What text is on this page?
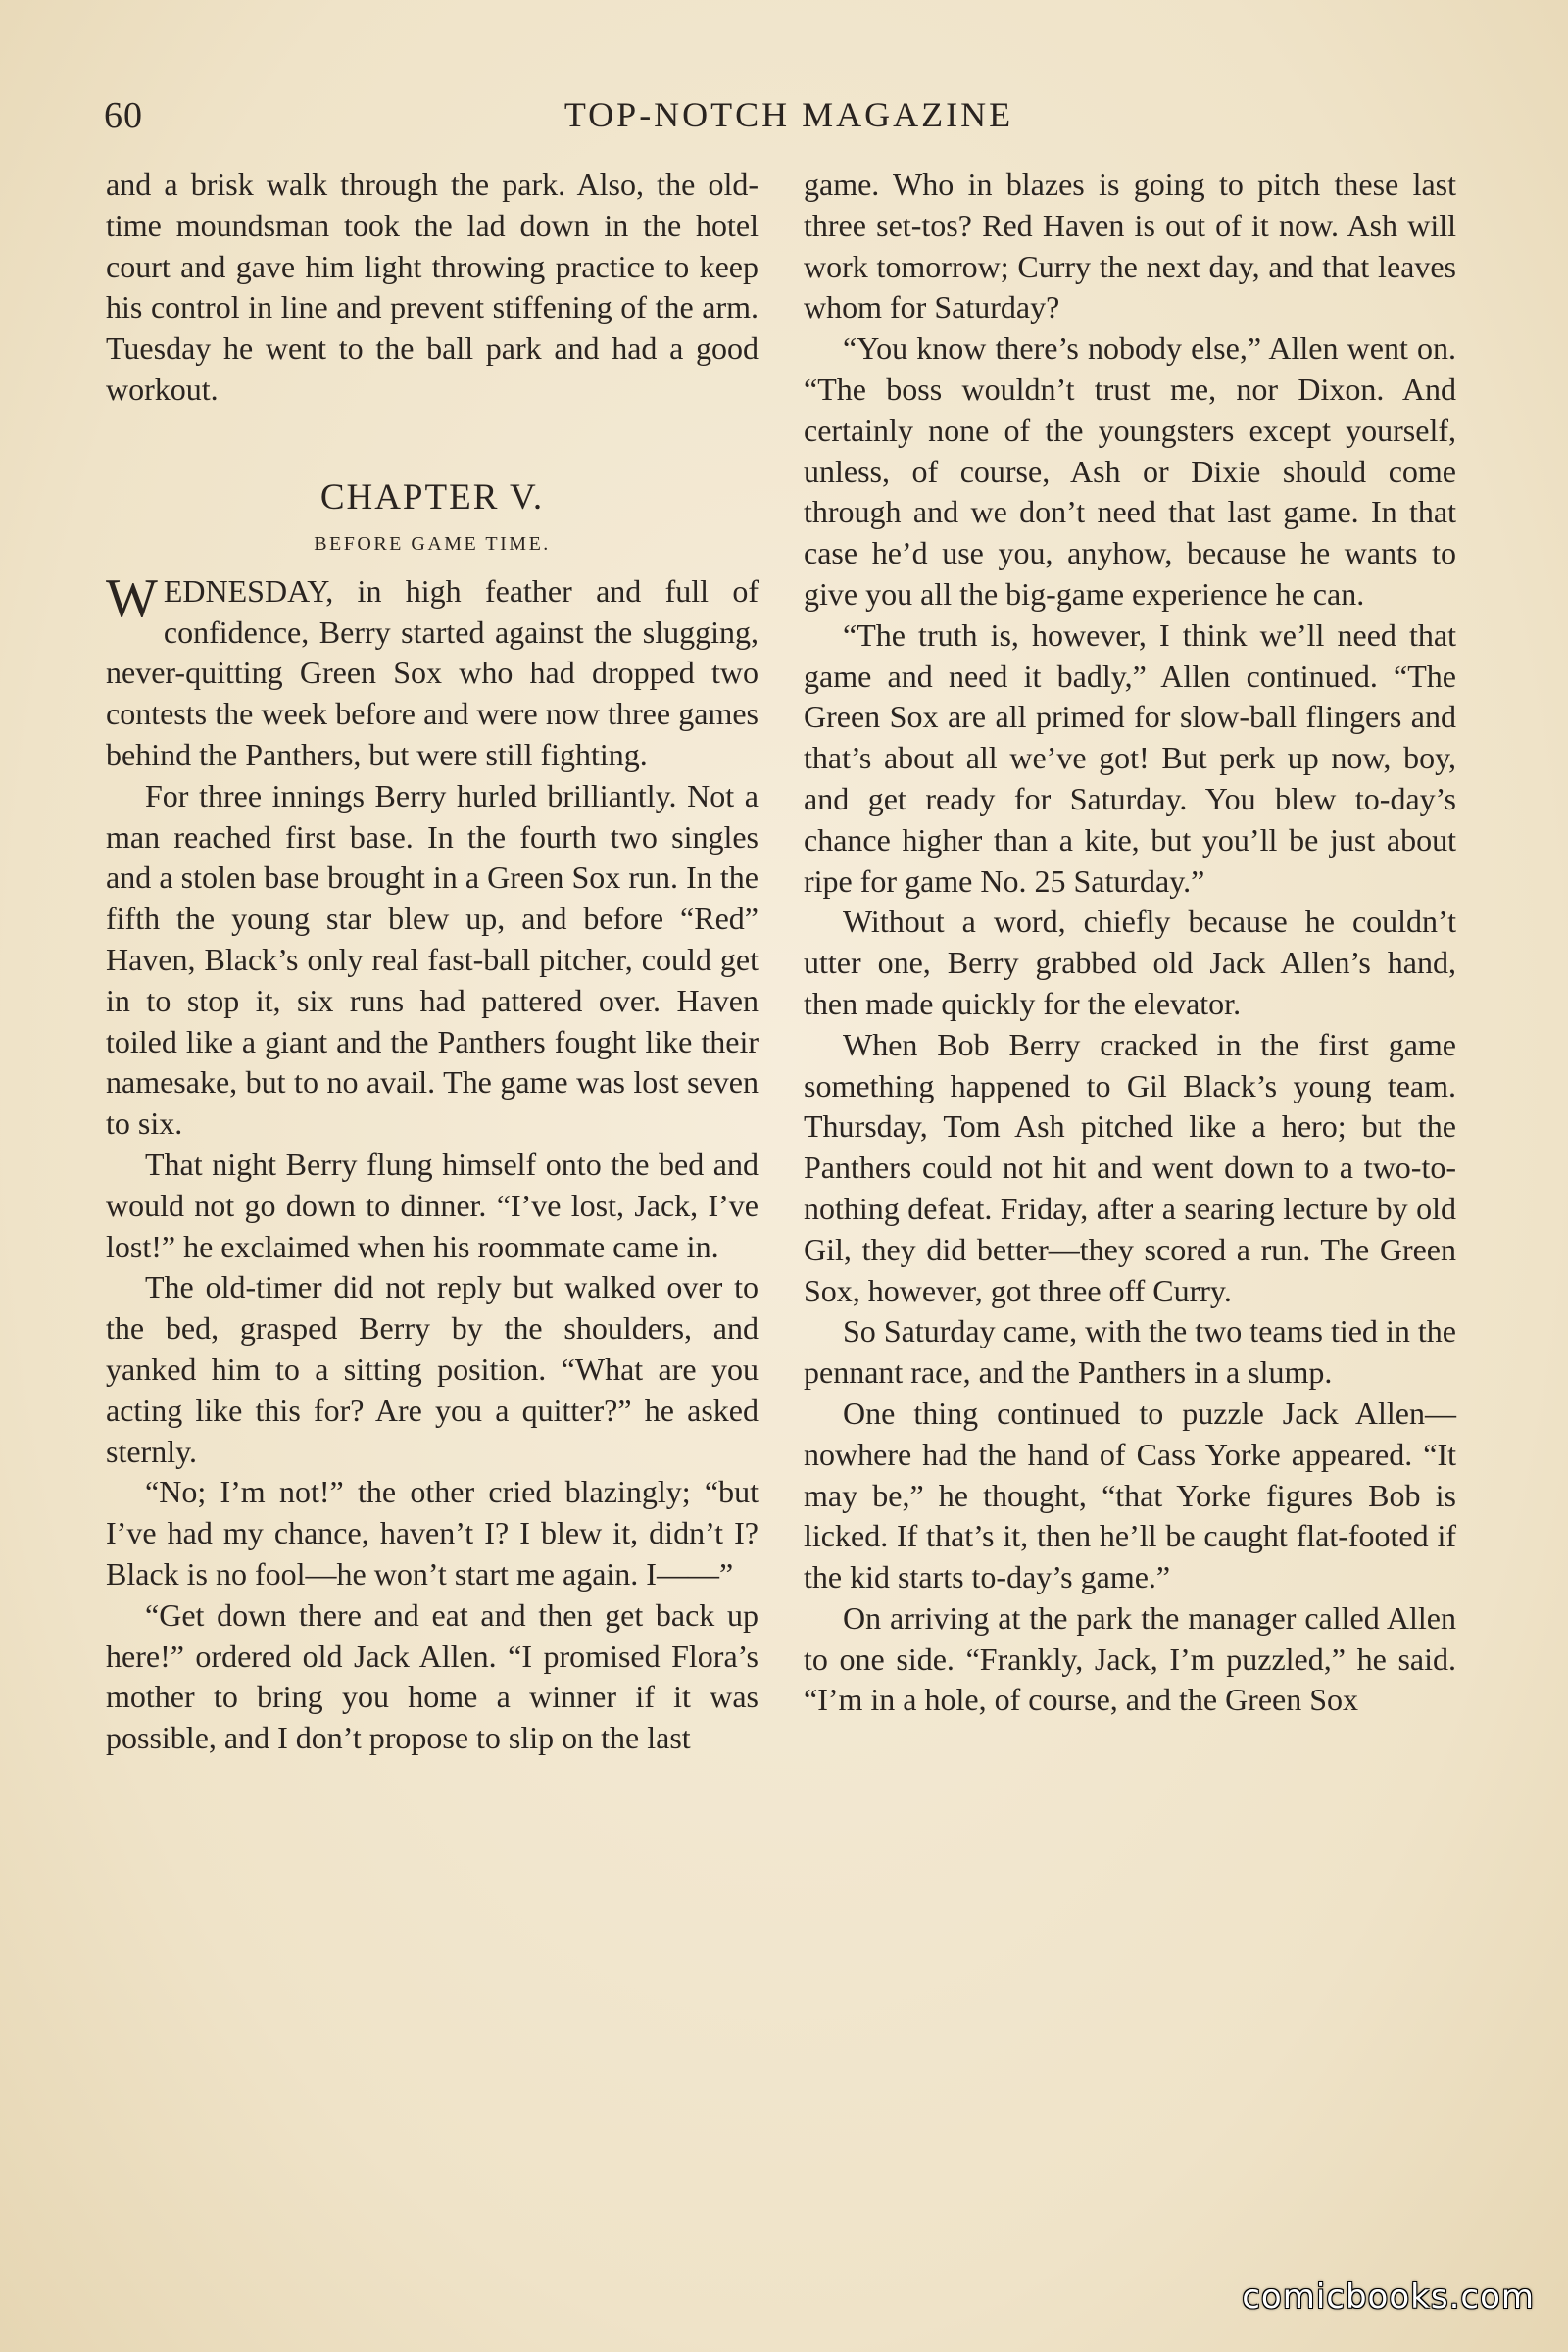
60	TOP-NOTCH MAGAZINE

and a brisk walk through the park. Also, the old-time moundsman took the lad down in the hotel court and gave him light throwing practice to keep his control in line and prevent stiffening of the arm. Tuesday he went to the ball park and had a good workout.

CHAPTER V.
BEFORE GAME TIME.

WEDNESDAY, in high feather and full of confidence, Berry started against the slugging, never-quitting Green Sox who had dropped two contests the week before and were now three games behind the Panthers, but were still fighting.

For three innings Berry hurled brilliantly. Not a man reached first base. In the fourth two singles and a stolen base brought in a Green Sox run. In the fifth the young star blew up, and before “Red” Haven, Black’s only real fast-ball pitcher, could get in to stop it, six runs had pattered over. Haven toiled like a giant and the Panthers fought like their namesake, but to no avail. The game was lost seven to six.

That night Berry flung himself onto the bed and would not go down to dinner. “I’ve lost, Jack, I’ve lost!” he exclaimed when his roommate came in.

The old-timer did not reply but walked over to the bed, grasped Berry by the shoulders, and yanked him to a sitting position. “What are you acting like this for? Are you a quitter?” he asked sternly.

“No; I’m not!” the other cried blazingly; “but I’ve had my chance, haven’t I? I blew it, didn’t I? Black is no fool—he won’t start me again. I——”

“Get down there and eat and then get back up here!” ordered old Jack Allen. “I promised Flora’s mother to bring you home a winner if it was possible, and I don’t propose to slip on the last

game. Who in blazes is going to pitch these last three set-tos? Red Haven is out of it now. Ash will work tomorrow; Curry the next day, and that leaves whom for Saturday?

“You know there’s nobody else,” Allen went on. “The boss wouldn’t trust me, nor Dixon. And certainly none of the youngsters except yourself, unless, of course, Ash or Dixie should come through and we don’t need that last game. In that case he’d use you, anyhow, because he wants to give you all the big-game experience he can.

“The truth is, however, I think we’ll need that game and need it badly,” Allen continued. “The Green Sox are all primed for slow-ball flingers and that’s about all we’ve got! But perk up now, boy, and get ready for Saturday. You blew to-day’s chance higher than a kite, but you’ll be just about ripe for game No. 25 Saturday.”

Without a word, chiefly because he couldn’t utter one, Berry grabbed old Jack Allen’s hand, then made quickly for the elevator.

When Bob Berry cracked in the first game something happened to Gil Black’s young team. Thursday, Tom Ash pitched like a hero; but the Panthers could not hit and went down to a two-to-nothing defeat. Friday, after a searing lecture by old Gil, they did better—they scored a run. The Green Sox, however, got three off Curry.

So Saturday came, with the two teams tied in the pennant race, and the Panthers in a slump.

One thing continued to puzzle Jack Allen—nowhere had the hand of Cass Yorke appeared. “It may be,” he thought, “that Yorke figures Bob is licked. If that’s it, then he’ll be caught flat-footed if the kid starts to-day’s game.”

On arriving at the park the manager called Allen to one side. “Frankly, Jack, I’m puzzled,” he said. “I’m in a hole, of course, and the Green Sox

comicbooks.com
